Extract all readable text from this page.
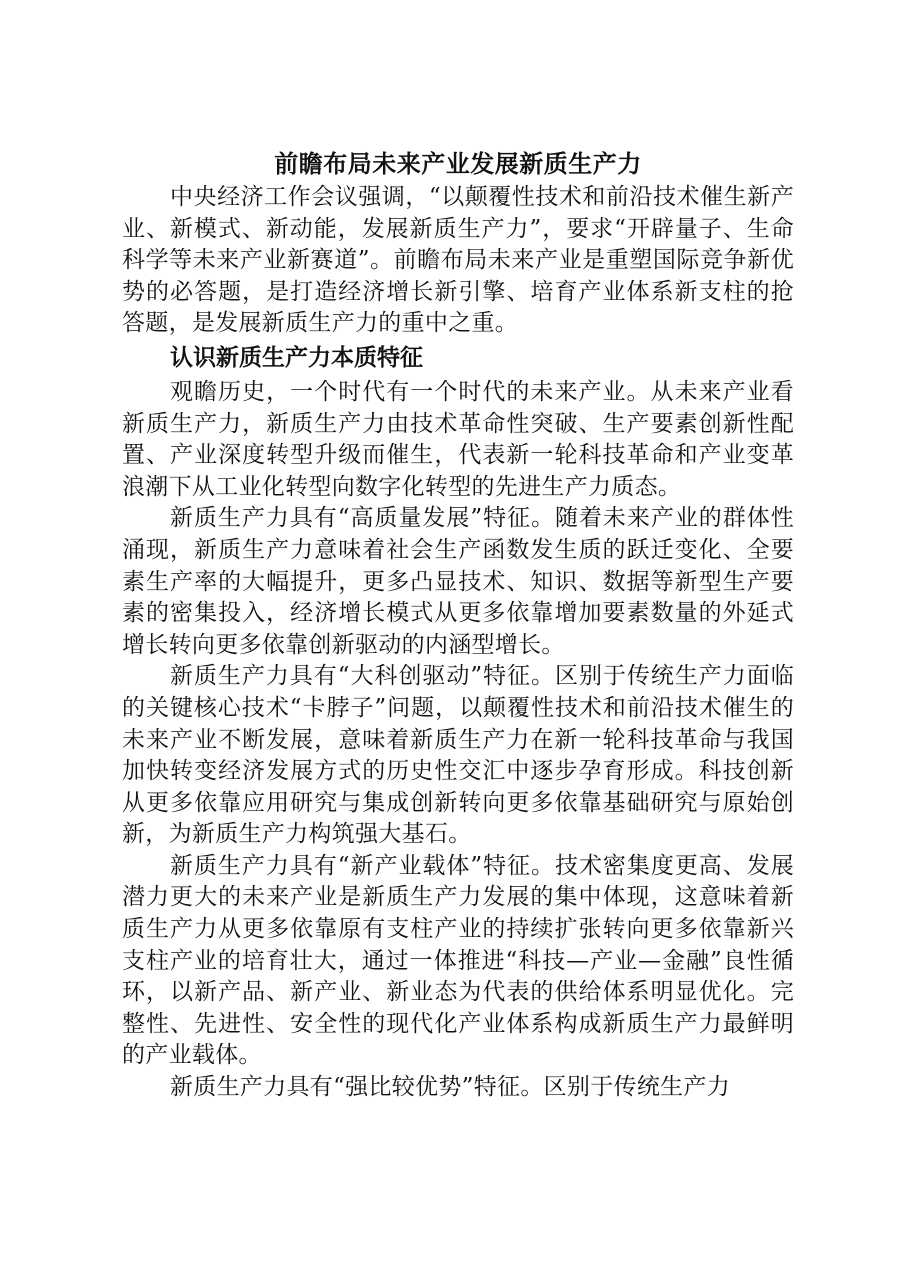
前瞻布局未来产业发展新质生产力

中央经济工作会议强调，“以颠覆性技术和前沿技术催生新产业、新模式、新动能，发展新质生产力”，要求“开辟量子、生命科学等未来产业新赛道”。前瞻布局未来产业是重塑国际竞争新优势的必答题，是打造经济增长新引擎、培育产业体系新支柱的抢答题，是发展新质生产力的重中之重。

认识新质生产力本质特征

观瞻历史，一个时代有一个时代的未来产业。从未来产业看新质生产力，新质生产力由技术革命性突破、生产要素创新性配置、产业深度转型升级而催生，代表新一轮科技革命和产业变革浪潮下从工业化转型向数字化转型的先进生产力质态。

新质生产力具有“高质量发展”特征。随着未来产业的群体性涌现，新质生产力意味着社会生产函数发生质的跃迁变化、全要素生产率的大幅提升，更多凸显技术、知识、数据等新型生产要素的密集投入，经济增长模式从更多依靠增加要素数量的外延式增长转向更多依靠创新驱动的内涵型增长。

新质生产力具有“大科创驱动”特征。区别于传统生产力面临的关键核心技术“卡脖子”问题，以颠覆性技术和前沿技术催生的未来产业不断发展，意味着新质生产力在新一轮科技革命与我国加快转变经济发展方式的历史性交汇中逐步孕育形成。科技创新从更多依靠应用研究与集成创新转向更多依靠基础研究与原始创新，为新质生产力构筑强大基石。

新质生产力具有“新产业载体”特征。技术密集度更高、发展潜力更大的未来产业是新质生产力发展的集中体现，这意味着新质生产力从更多依靠原有支柱产业的持续扩张转向更多依靠新兴支柱产业的培育壮大，通过一体推进“科技—产业—金融”良性循环，以新产品、新产业、新业态为代表的供给体系明显优化。完整性、先进性、安全性的现代化产业体系构成新质生产力最鲜明的产业载体。

新质生产力具有“强比较优势”特征。区别于传统生产力
